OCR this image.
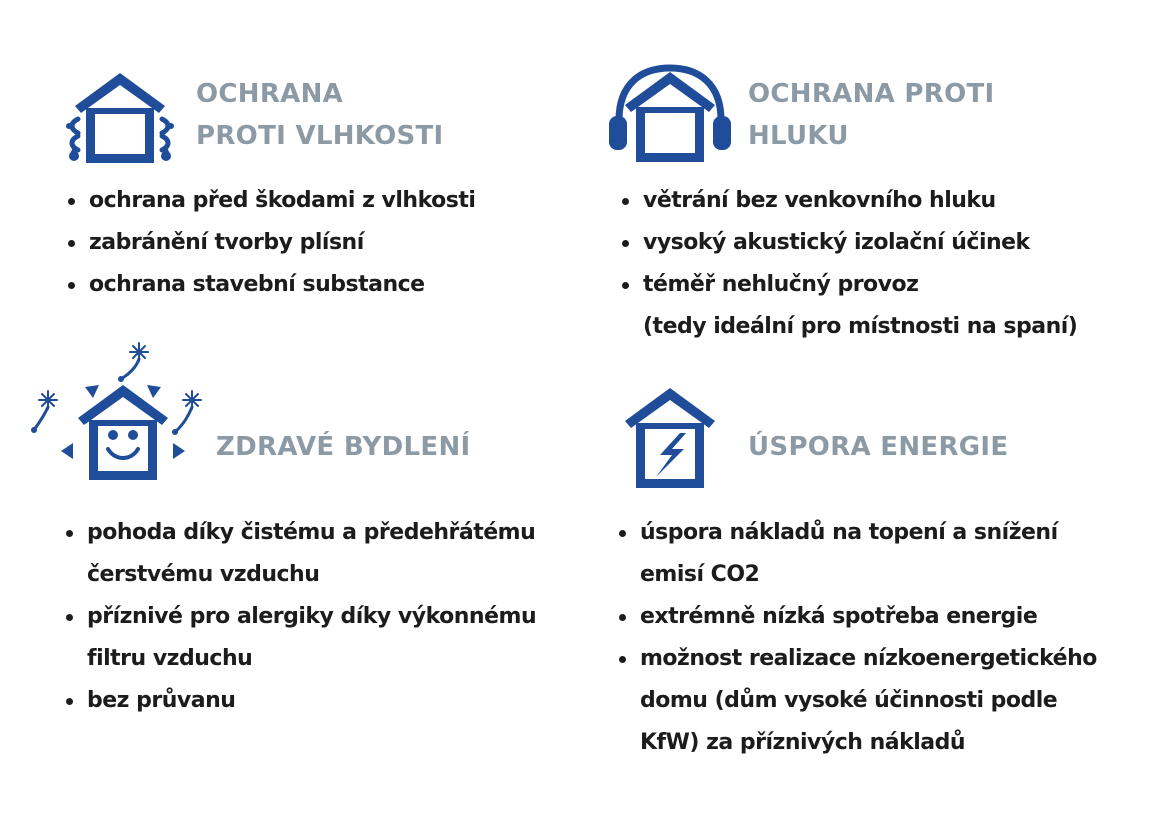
OCHRANA
PROTI VLHKOSTI
OCHRANA PROTI
HLUKU
ZDRAVÉ BYDLENÍ	ÚSPORA ENERGIE
ochrana před škodami z vlhkosti
zabránění tvorby plísní
ochrana stavební substance
větrání bez venkovního hluku
vysoký akustický izolační účinek
téměř nehlučný provoz
(tedy ideální pro místnosti na spaní)
pohoda díky čistému a předehřátému
čerstvému vzduchu
příznivé pro alergiky díky výkonnému
filtru vzduchu
bez průvanu
úspora nákladů na topení a snížení
emisí CO2
extrémně nízká spotřeba energie
možnost realizace nízkoenergetického
domu (dům vysoké účinnosti podle
KfW) za příznivých nákladů
